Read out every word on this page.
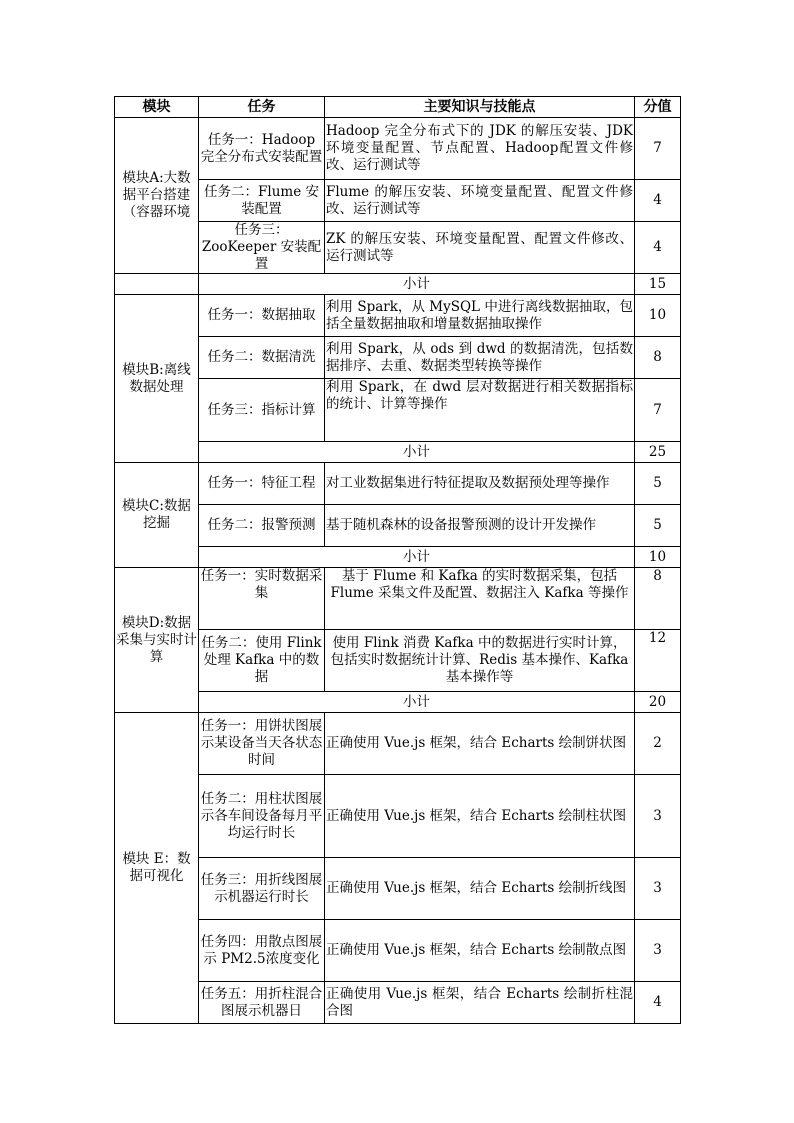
模块	任务	主要知识与技能点	分值
模块A:大数据平台搭建（容器环境	任务一：Hadoop 完全分布式安装配置	Hadoop 完全分布式下的 JDK 的解压安装、JDK 环境变量配置、节点配置、Hadoop配置文件修改、运行测试等	7
	任务二：Flume 安装配置	Flume 的解压安装、环境变量配置、配置文件修改、运行测试等	4
	任务三：ZooKeeper 安装配置	ZK 的解压安装、环境变量配置、配置文件修改、运行测试等	4
	小计		15
模块B:离线数据处理	任务一：数据抽取	利用 Spark，从 MySQL 中进行离线数据抽取，包括全量数据抽取和增量数据抽取操作	10
	任务二：数据清洗	利用 Spark，从 ods 到 dwd 的数据清洗，包括数据排序、去重、数据类型转换等操作	8
	任务三：指标计算	利用 Spark，在 dwd 层对数据进行相关数据指标的统计、计算等操作	7
	小计		25
模块C:数据挖掘	任务一：特征工程	对工业数据集进行特征提取及数据预处理等操作	5
	任务二：报警预测	基于随机森林的设备报警预测的设计开发操作	5
	小计		10
模块D:数据采集与实时计算	任务一：实时数据采集	基于 Flume 和 Kafka 的实时数据采集，包括 Flume 采集文件及配置、数据注入 Kafka 等操作	8
	任务二：使用 Flink 处理 Kafka 中的数据	使用 Flink 消费 Kafka 中的数据进行实时计算，包括实时数据统计计算、Redis 基本操作、Kafka 基本操作等	12
	小计		20
模块 E：数据可视化	任务一：用饼状图展示某设备当天各状态时间	正确使用 Vue.js 框架，结合 Echarts 绘制饼状图	2
	任务二：用柱状图展示各车间设备每月平均运行时长	正确使用 Vue.js 框架，结合 Echarts 绘制柱状图	3
	任务三：用折线图展示机器运行时长	正确使用 Vue.js 框架，结合 Echarts 绘制折线图	3
	任务四：用散点图展示 PM2.5浓度变化	正确使用 Vue.js 框架，结合 Echarts 绘制散点图	3
	任务五：用折柱混合图展示机器日	正确使用 Vue.js 框架，结合 Echarts 绘制折柱混合图	4
